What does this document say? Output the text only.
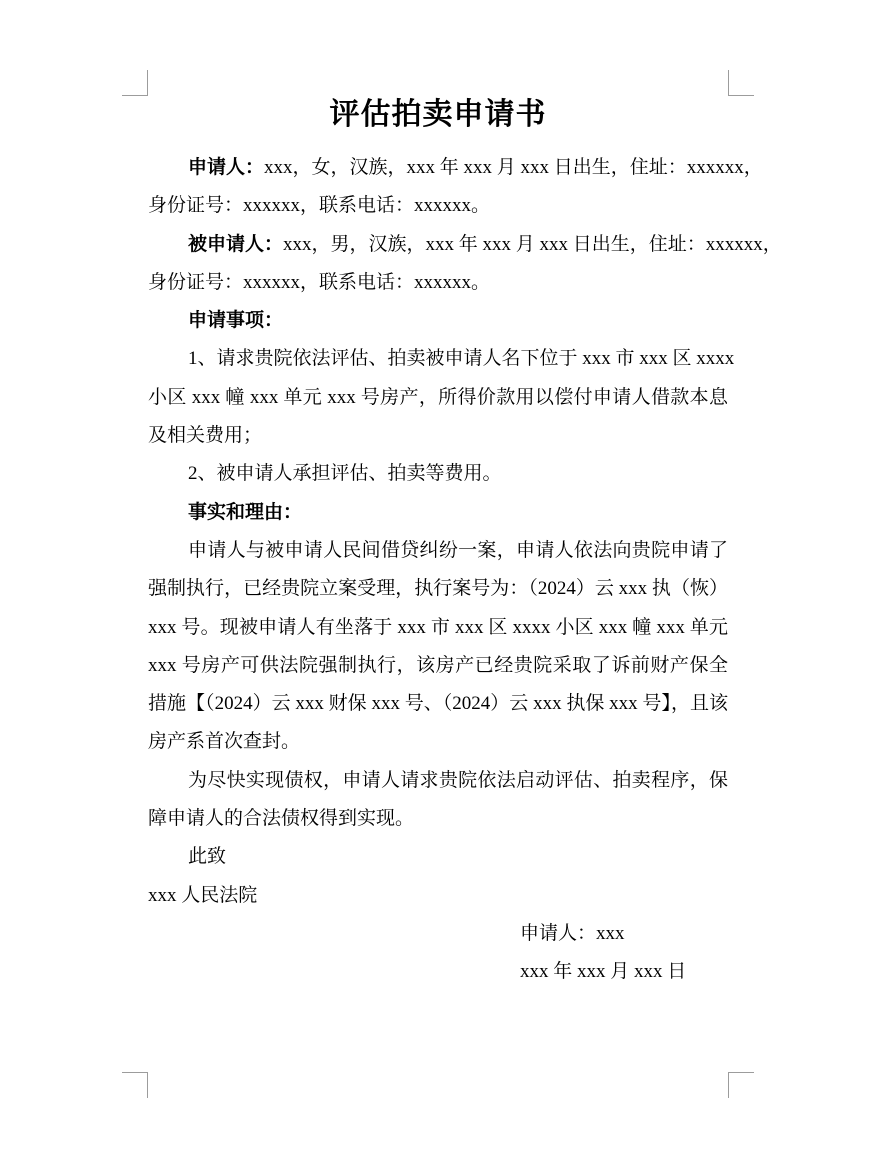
评估拍卖申请书
申请人：xxx，女，汉族，xxx 年 xxx 月 xxx 日出生，住址：xxxxxx，
身份证号：xxxxxx，联系电话：xxxxxx。
被申请人：xxx，男，汉族，xxx 年 xxx 月 xxx 日出生，住址：xxxxxx，
身份证号：xxxxxx，联系电话：xxxxxx。
申请事项：
1、请求贵院依法评估、拍卖被申请人名下位于 xxx 市 xxx 区 xxxx
小区 xxx 幢 xxx 单元 xxx 号房产，所得价款用以偿付申请人借款本息
及相关费用；
2、被申请人承担评估、拍卖等费用。
事实和理由：
申请人与被申请人民间借贷纠纷一案，申请人依法向贵院申请了
强制执行，已经贵院立案受理，执行案号为：（2024）云 xxx 执（恢）
xxx 号。现被申请人有坐落于 xxx 市 xxx 区 xxxx 小区 xxx 幢 xxx 单元
xxx 号房产可供法院强制执行，该房产已经贵院采取了诉前财产保全
措施【（2024）云 xxx 财保 xxx 号、（2024）云 xxx 执保 xxx 号】，且该
房产系首次查封。
为尽快实现债权，申请人请求贵院依法启动评估、拍卖程序，保
障申请人的合法债权得到实现。
此致
xxx 人民法院
申请人：xxx
xxx 年 xxx 月 xxx 日
